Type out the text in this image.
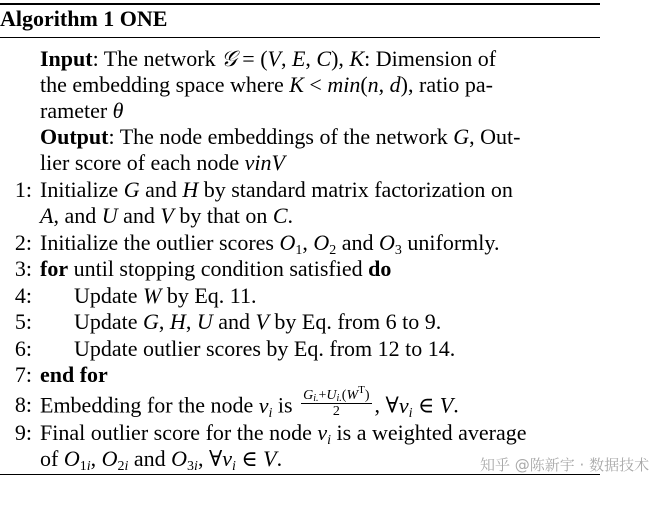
Algorithm 1 ONE
Input: The network 𝒢 = (V, E, C), K: Dimension of
the embedding space where K < min(n, d), ratio pa-
rameter θ
Output: The node embeddings of the network G, Out-
lier score of each node vinV
1: Initialize G and H by standard matrix factorization on
A, and U and V by that on C.
2: Initialize the outlier scores $O_1$, $O_2$ and $O_3$ uniformly.
3: for until stopping condition satisfied do
4: Update W by Eq. 11.
5: Update G, H, U and V by Eq. from 6 to 9.
6: Update outlier scores by Eq. from 12 to 14.
7: end for
8: Embedding for the node $v_i$ is $\frac{G_{i.}+U_{i.}(W^T)}{2}$ , $\forall v_i$ ∈ V.
9: Final outlier score for the node $v_i$ is a weighted average
of $O_{1i}$, $O_{2i}$ and $O_{3i}$, $\forall v_i$ ∈ V.	知乎 @陈新宇 · 数据技术
